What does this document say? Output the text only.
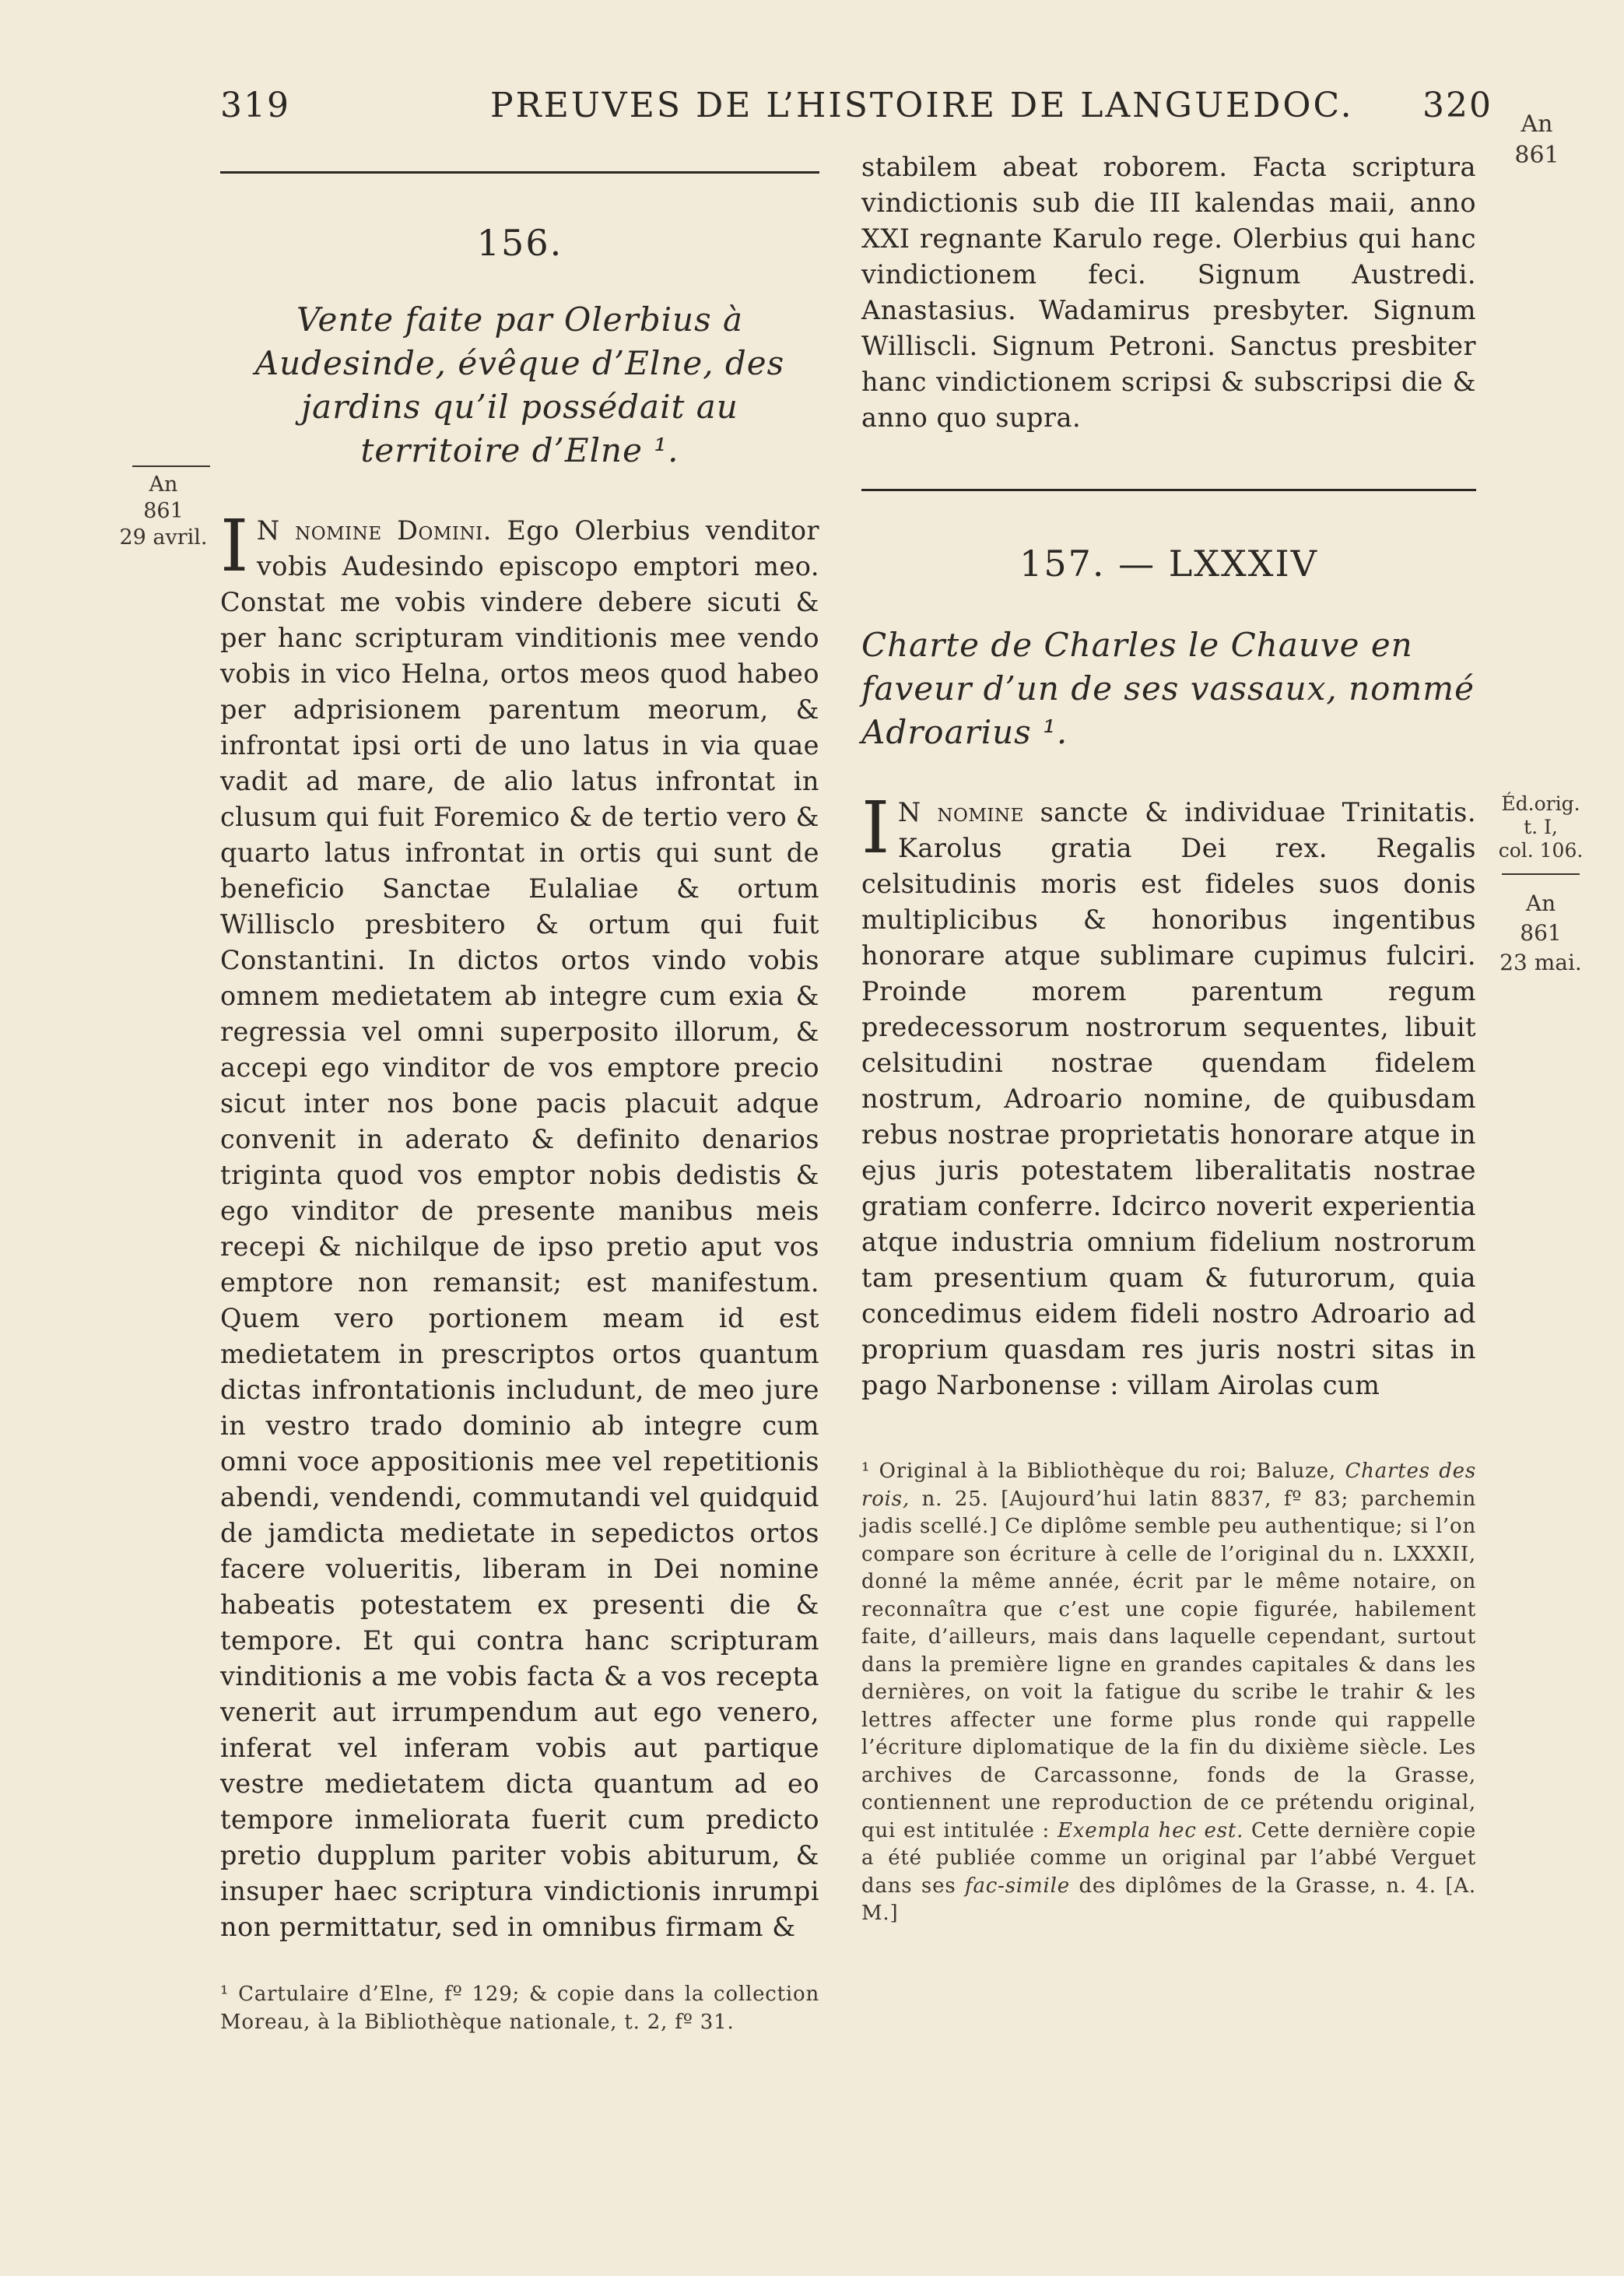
319	PREUVES DE L’HISTOIRE DE LANGUEDOC. 320	An
861
An
861
29 avril.
Éd.orig.
t. I,
col. 106.
An
861
23 mai.
156.
Vente faite par Olerbius à Audesinde, évêque d’Elne, des jardins qu’il possédait au territoire d’Elne ¹.
I N nomine Domini. Ego Olerbius venditor vobis Audesindo episcopo emptori meo. Constat me vobis vindere debere sicuti & per hanc scripturam vinditionis mee vendo vobis in vico Helna, ortos meos quod habeo per adprisionem parentum meorum, & infrontat ipsi orti de uno latus in via quae vadit ad mare, de alio latus infrontat in clusum qui fuit Foremico & de tertio vero & quarto latus infrontat in ortis qui sunt de beneficio Sanctae Eulaliae & ortum Willisclo presbitero & ortum qui fuit Constantini. In dictos ortos vindo vobis omnem medietatem ab integre cum exia & regressia vel omni superposito illorum, & accepi ego vinditor de vos emptore precio sicut inter nos bone pacis placuit adque convenit in aderato & definito denarios triginta quod vos emptor nobis dedistis & ego vinditor de presente manibus meis recepi & nichilque de ipso pretio aput vos emptore non remansit; est manifestum. Quem vero portionem meam id est medietatem in prescriptos ortos quantum dictas infrontationis includunt, de meo jure in vestro trado dominio ab integre cum omni voce appositionis mee vel repetitionis abendi, vendendi, commutandi vel quidquid de jamdicta medietate in sepedictos ortos facere volueritis, liberam in Dei nomine habeatis potestatem ex presenti die & tempore. Et qui contra hanc scripturam vinditionis a me vobis facta & a vos recepta venerit aut irrumpendum aut ego venero, inferat vel inferam vobis aut partique vestre medietatem dicta quantum ad eo tempore inmeliorata fuerit cum predicto pretio dupplum pariter vobis abiturum, & insuper haec scriptura vindictionis inrumpi non permittatur, sed in omnibus firmam &
¹ Cartulaire d’Elne, fº 129; & copie dans la collection Moreau, à la Bibliothèque nationale, t. 2, fº 31.
stabilem abeat roborem. Facta scriptura vindictionis sub die III kalendas maii, anno XXI regnante Karulo rege. Olerbius qui hanc vindictionem feci. Signum Austredi. Anastasius. Wadamirus presbyter. Signum Williscli. Signum Petroni. Sanctus presbiter hanc vindictionem scripsi & subscripsi die & anno quo supra.
157. — LXXXIV
Charte de Charles le Chauve en faveur d’un de ses vassaux, nommé Adroarius ¹.
I N nomine sancte & individuae Trinitatis. Karolus gratia Dei rex. Regalis celsitudinis moris est fideles suos donis multiplicibus & honoribus ingentibus honorare atque sublimare cupimus fulciri. Proinde morem parentum regum predecessorum nostrorum sequentes, libuit celsitudini nostrae quendam fidelem nostrum, Adroario nomine, de quibusdam rebus nostrae proprietatis honorare atque in ejus juris potestatem liberalitatis nostrae gratiam conferre. Idcirco noverit experientia atque industria omnium fidelium nostrorum tam presentium quam & futurorum, quia concedimus eidem fideli nostro Adroario ad proprium quasdam res juris nostri sitas in pago Narbonense : villam Airolas cum
¹ Original à la Bibliothèque du roi; Baluze, Chartes des rois, n. 25. [Aujourd’hui latin 8837, fº 83; parchemin jadis scellé.] Ce diplôme semble peu authentique; si l’on compare son écriture à celle de l’original du n. LXXXII, donné la même année, écrit par le même notaire, on reconnaîtra que c’est une copie figurée, habilement faite, d’ailleurs, mais dans laquelle cependant, surtout dans la première ligne en grandes capitales & dans les dernières, on voit la fatigue du scribe le trahir & les lettres affecter une forme plus ronde qui rappelle l’écriture diplomatique de la fin du dixième siècle. Les archives de Carcassonne, fonds de la Grasse, contiennent une reproduction de ce prétendu original, qui est intitulée : Exempla hec est. Cette dernière copie a été publiée comme un original par l’abbé Verguet dans ses fac-simile des diplômes de la Grasse, n. 4. [A. M.]
